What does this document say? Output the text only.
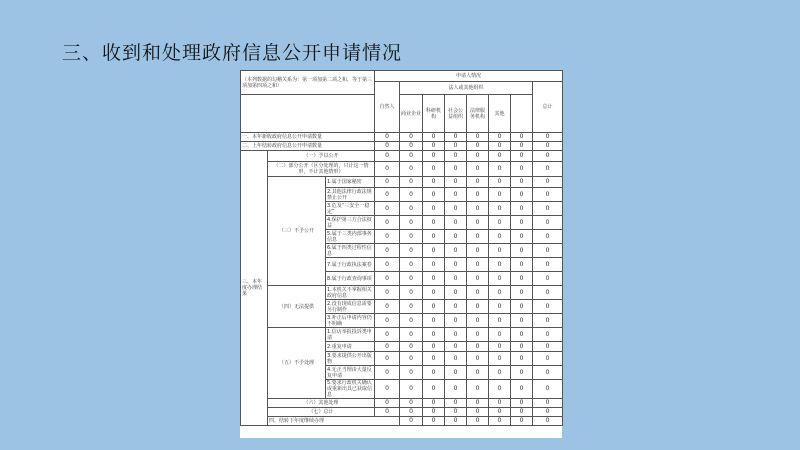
三、收到和处理政府信息公开申请情况
（本列数据的勾稽关系为：第一项加第二项之和，等于第三项加第四项之和）			申请人情况								
			自然人	法人或其他组织						总计	
				商业企业	科研机构	社会公益组织	法律服务机构	其他			
一、本年新收政府信息公开申请数量			0	0	0	0	0	0	0	0	
二、上年结转政府信息公开申请数量			0	0	0	0	0	0	0	0	
三、本年度办理结果	（一）予以公开		0	0	0	0	0	0	0	0	
	（二）部分公开（区分处理的，只计这一情形，不计其他情形）		0	0	0	0	0	0	0	0	
	（三）不予公开	1.属于国家秘密	0	0	0	0	0	0	0	0	
		2.其他法律行政法规禁止公开	0	0	0	0	0	0	0	0	
		3.危及“三安全一稳定”	0	0	0	0	0	0	0	0	
		4.保护第三方合法权益	0	0	0	0	0	0	0	0	
		5.属于三类内部事务信息	0	0	0	0	0	0	0	0	
		6.属于四类过程性信息	0	0	0	0	0	0	0	0	
		7.属于行政执法案卷	0	0	0	0	0	0	0	0	
		8.属于行政查询事项	0	0	0	0	0	0	0	0	
	（四）无法提供	1.本机关不掌握相关政府信息	0	0	0	0	0	0	0	0	
		2.没有现成信息需要另行制作	0	0	0	0	0	0	0	0	
		3.补正后申请内容仍不明确	0	0	0	0	0	0	0	0	
	（五）不予处理	1.信访举报投诉类申请	0	0	0	0	0	0	0	0	
		2.重复申请	0	0	0	0	0	0	0	0	
		3.要求提供公开出版物	0	0	0	0	0	0	0	0	
		4.无正当理由大量反复申请	0	0	0	0	0	0	0	0	
		5.要求行政机关确认或重新出具已获取信息	0	0	0	0	0	0	0	0	
	（六）其他处理		0	0	0	0	0	0	0	0	
	（七）总计		0	0	0	0	0	0	0	0	
	四、结转下年度继续办理			0	0	0	0	0	0	0	
